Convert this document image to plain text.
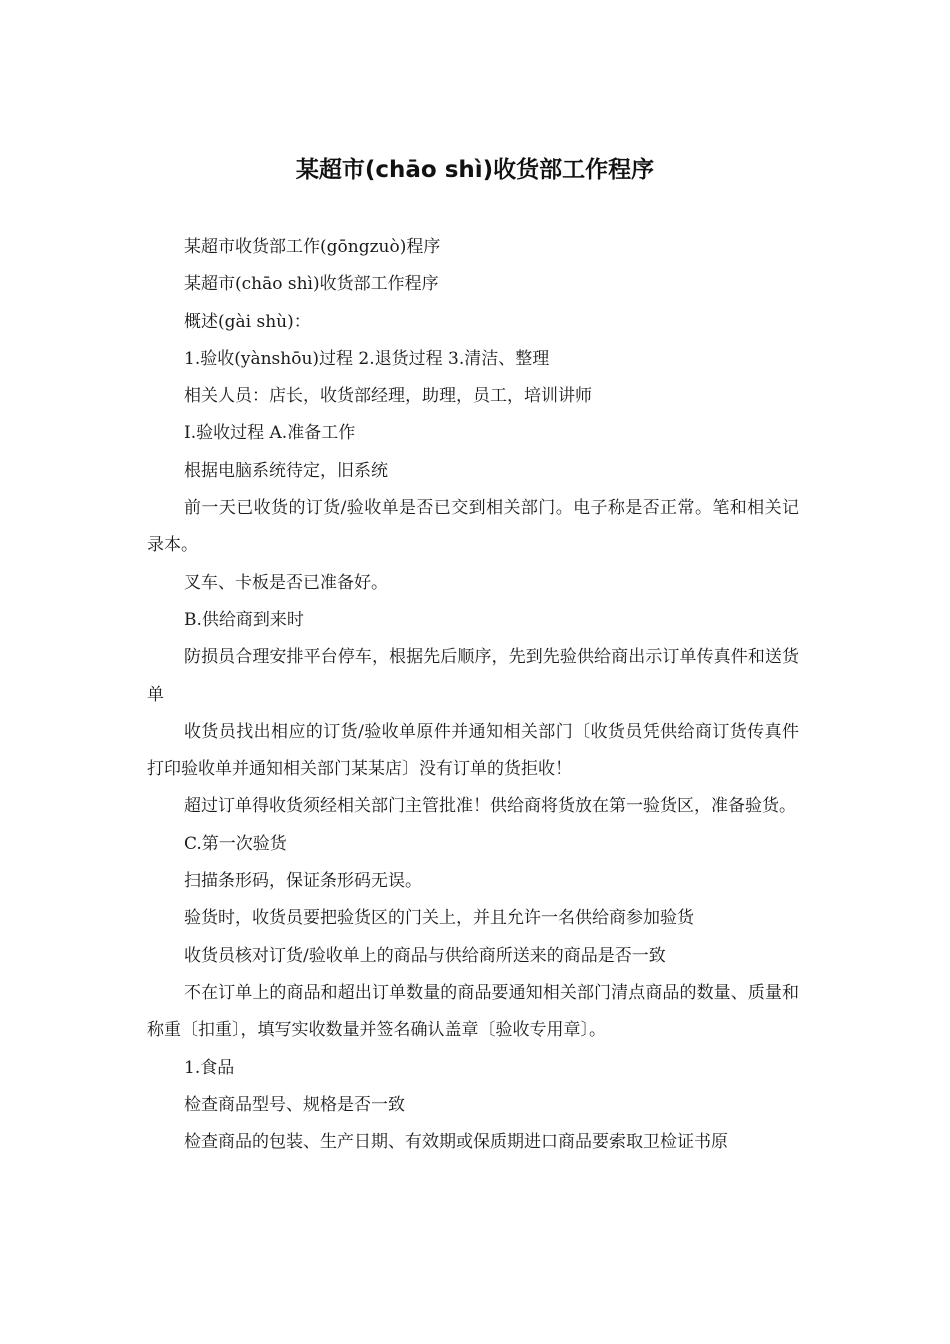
某超市(chāo shì)收货部工作程序

某超市收货部工作(gōngzuò)程序

某超市(chāo shì)收货部工作程序

概述(gài shù)：

1.验收(yànshōu)过程 2.退货过程 3.清洁、整理

相关人员：店长，收货部经理，助理，员工，培训讲师

I.验收过程 A.准备工作

根据电脑系统待定，旧系统

前一天已收货的订货/验收单是否已交到相关部门。电子称是否正常。笔和相关记录本。

叉车、卡板是否已准备好。

B.供给商到来时

防损员合理安排平台停车，根据先后顺序，先到先验供给商出示订单传真件和送货单

收货员找出相应的订货/验收单原件并通知相关部门〔收货员凭供给商订货传真件打印验收单并通知相关部门某某店〕没有订单的货拒收！

超过订单得收货须经相关部门主管批准！供给商将货放在第一验货区，准备验货。

C.第一次验货

扫描条形码，保证条形码无误。

验货时，收货员要把验货区的门关上，并且允许一名供给商参加验货

收货员核对订货/验收单上的商品与供给商所送来的商品是否一致

不在订单上的商品和超出订单数量的商品要通知相关部门清点商品的数量、质量和称重〔扣重〕，填写实收数量并签名确认盖章〔验收专用章〕。

1.食品

检查商品型号、规格是否一致

检查商品的包装、生产日期、有效期或保质期进口商品要索取卫检证书原
